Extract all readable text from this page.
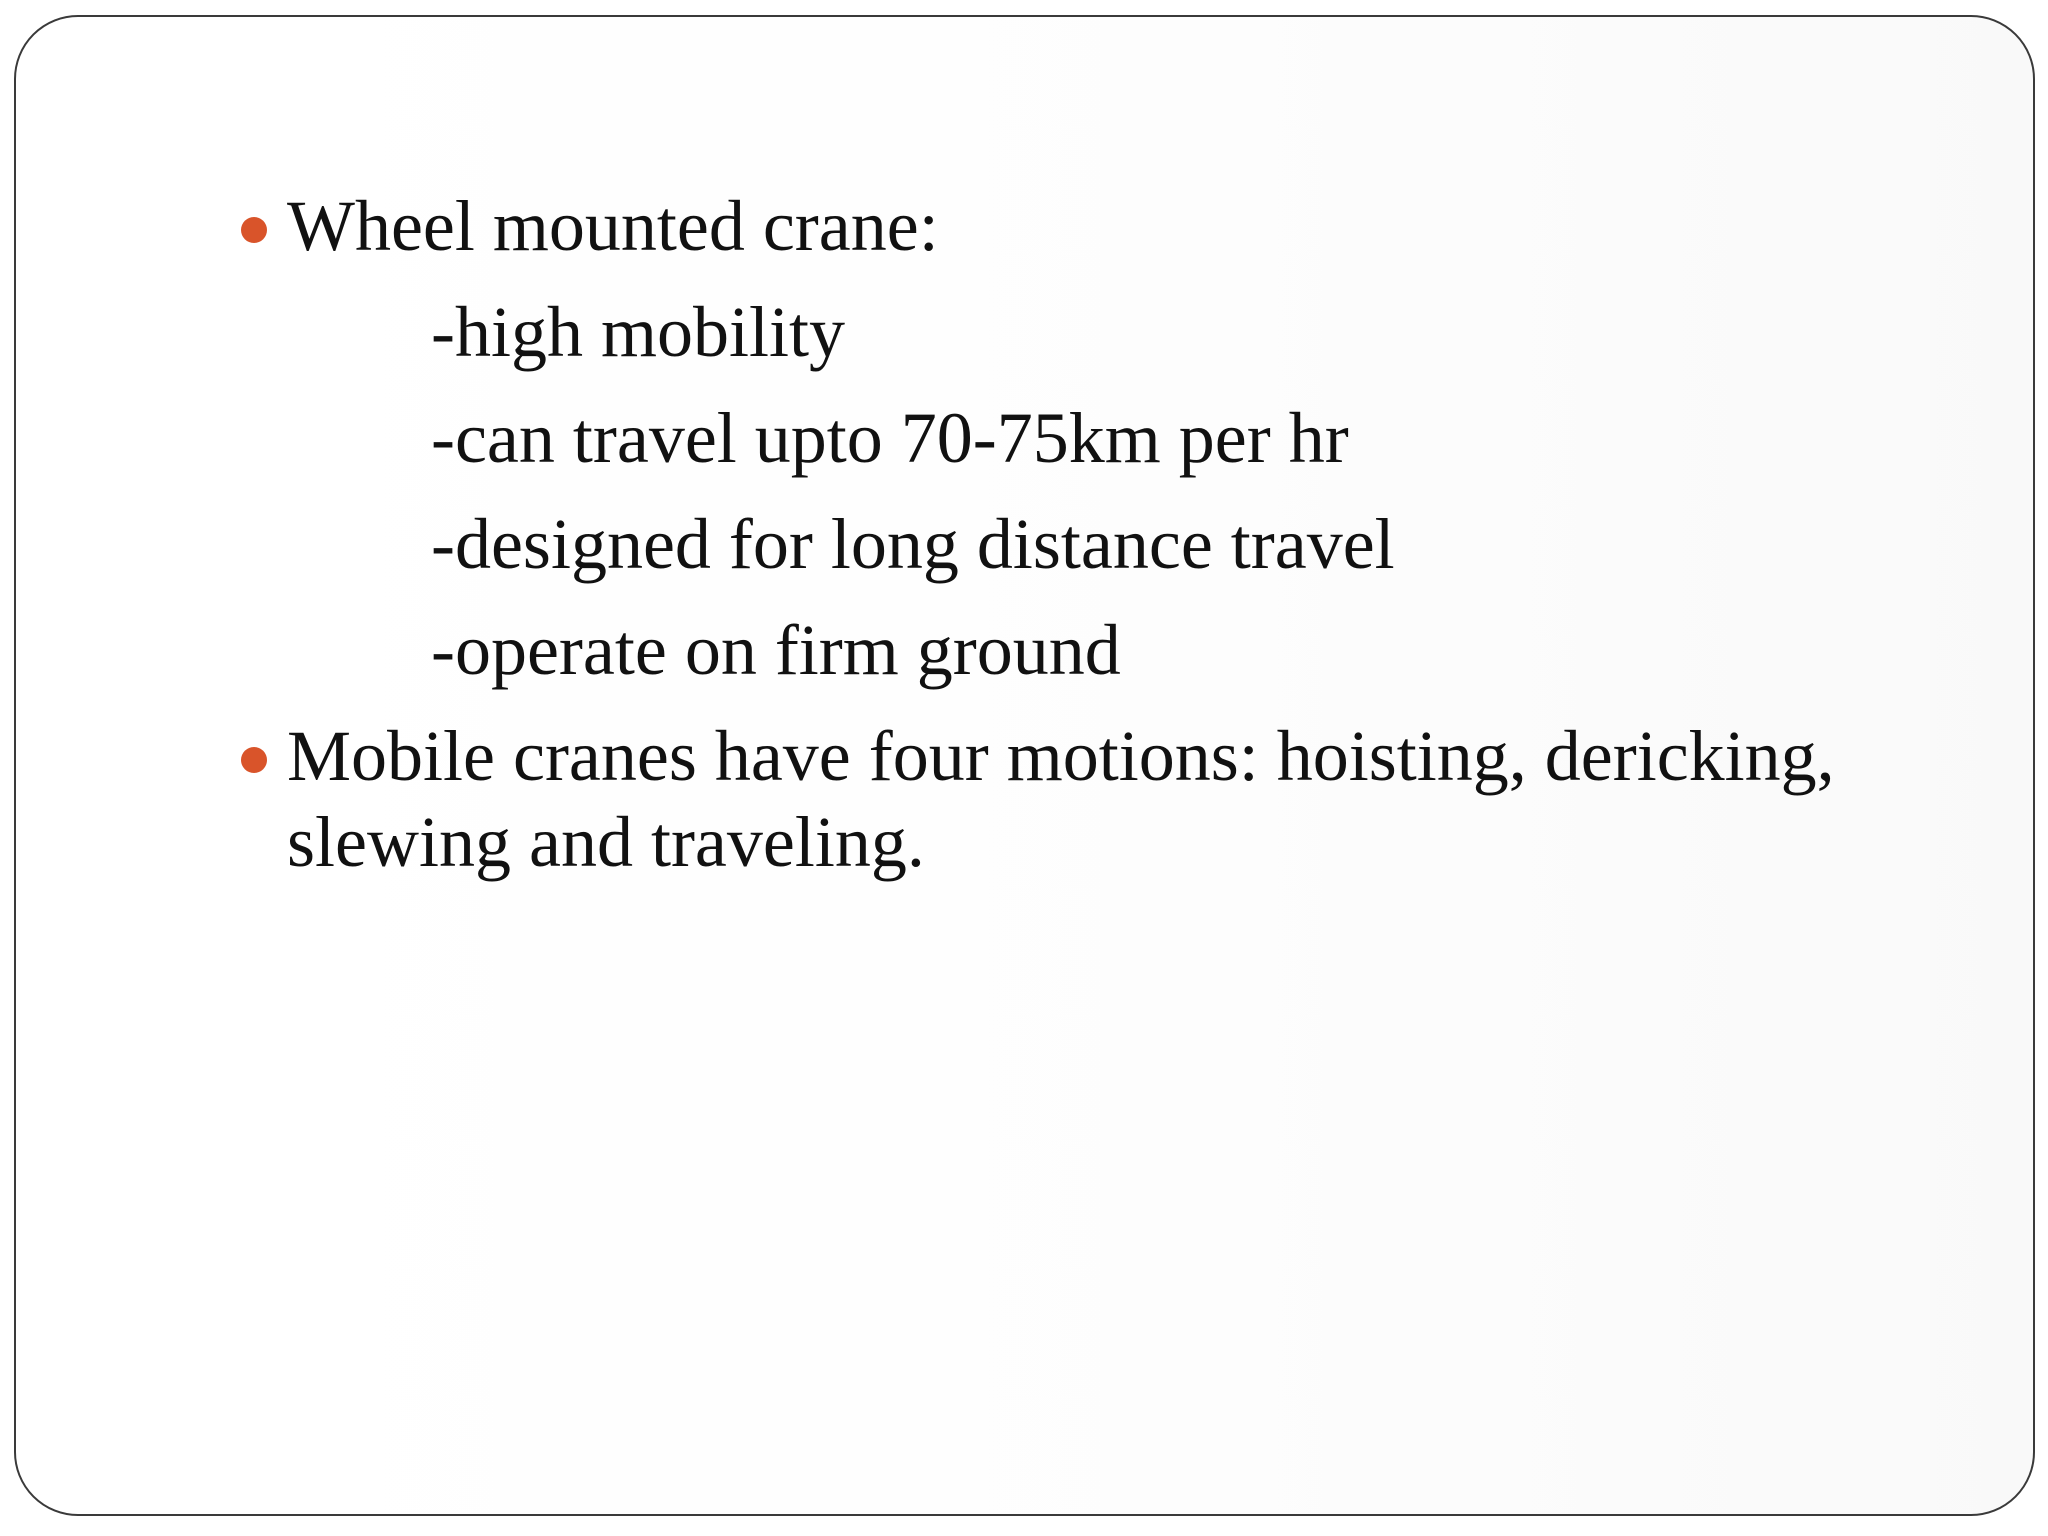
Wheel mounted crane:
-high mobility
-can travel upto 70-75km per hr
-designed for long distance travel
-operate on firm ground
Mobile cranes have four motions: hoisting, dericking, slewing and traveling.
